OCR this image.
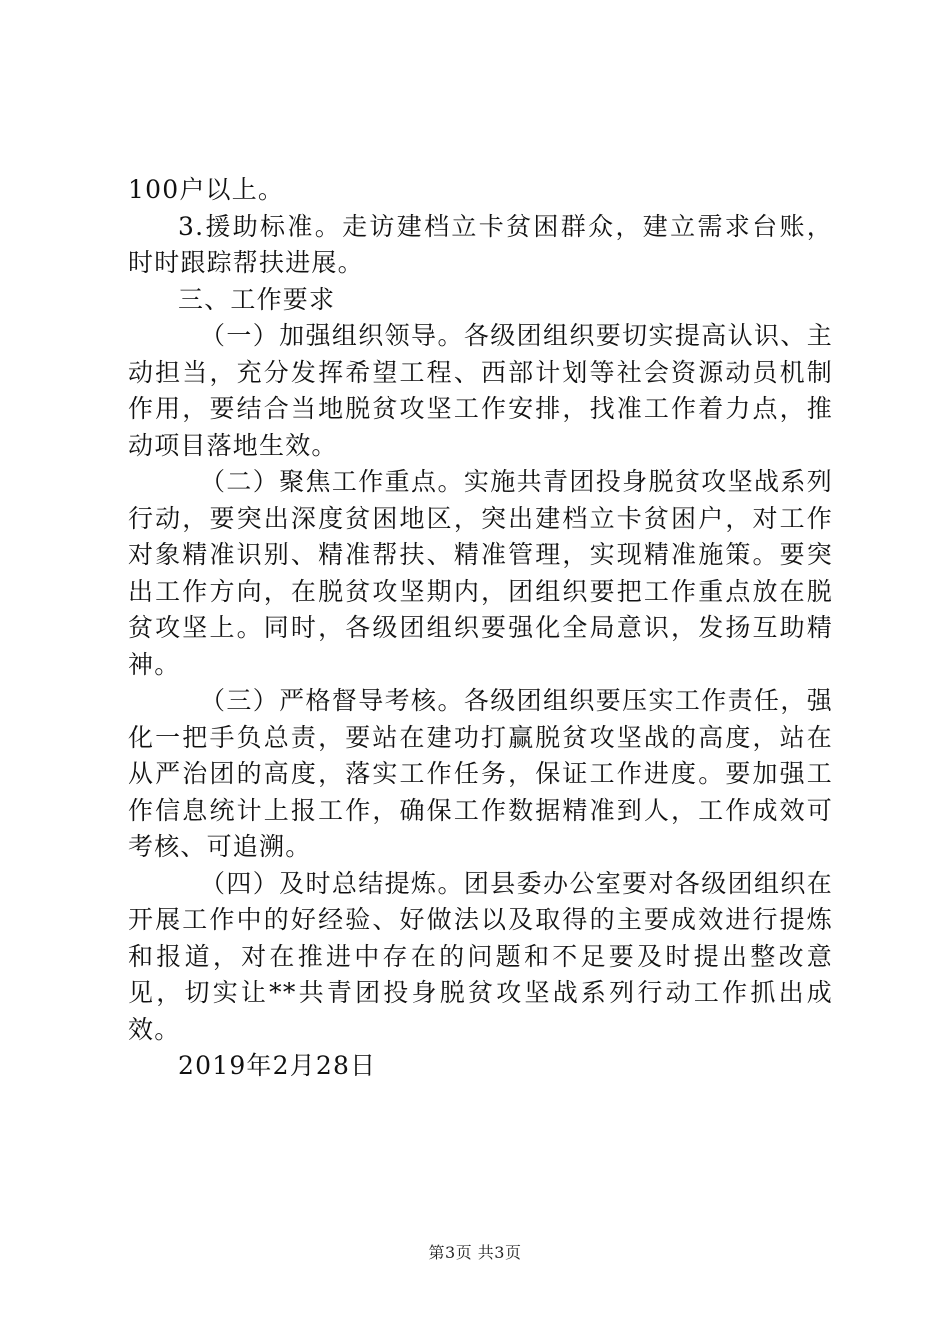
100户以上。

3.援助标准。走访建档立卡贫困群众，建立需求台账，时时跟踪帮扶进展。

三、工作要求

（一）加强组织领导。各级团组织要切实提高认识、主动担当，充分发挥希望工程、西部计划等社会资源动员机制作用，要结合当地脱贫攻坚工作安排，找准工作着力点，推动项目落地生效。

（二）聚焦工作重点。实施共青团投身脱贫攻坚战系列行动，要突出深度贫困地区，突出建档立卡贫困户，对工作对象精准识别、精准帮扶、精准管理，实现精准施策。要突出工作方向，在脱贫攻坚期内，团组织要把工作重点放在脱贫攻坚上。同时，各级团组织要强化全局意识，发扬互助精神。

（三）严格督导考核。各级团组织要压实工作责任，强化一把手负总责，要站在建功打赢脱贫攻坚战的高度，站在从严治团的高度，落实工作任务，保证工作进度。要加强工作信息统计上报工作，确保工作数据精准到人，工作成效可考核、可追溯。

（四）及时总结提炼。团县委办公室要对各级团组织在开展工作中的好经验、好做法以及取得的主要成效进行提炼和报道，对在推进中存在的问题和不足要及时提出整改意见，切实让**共青团投身脱贫攻坚战系列行动工作抓出成效。

2019年2月28日

第3页 共3页
